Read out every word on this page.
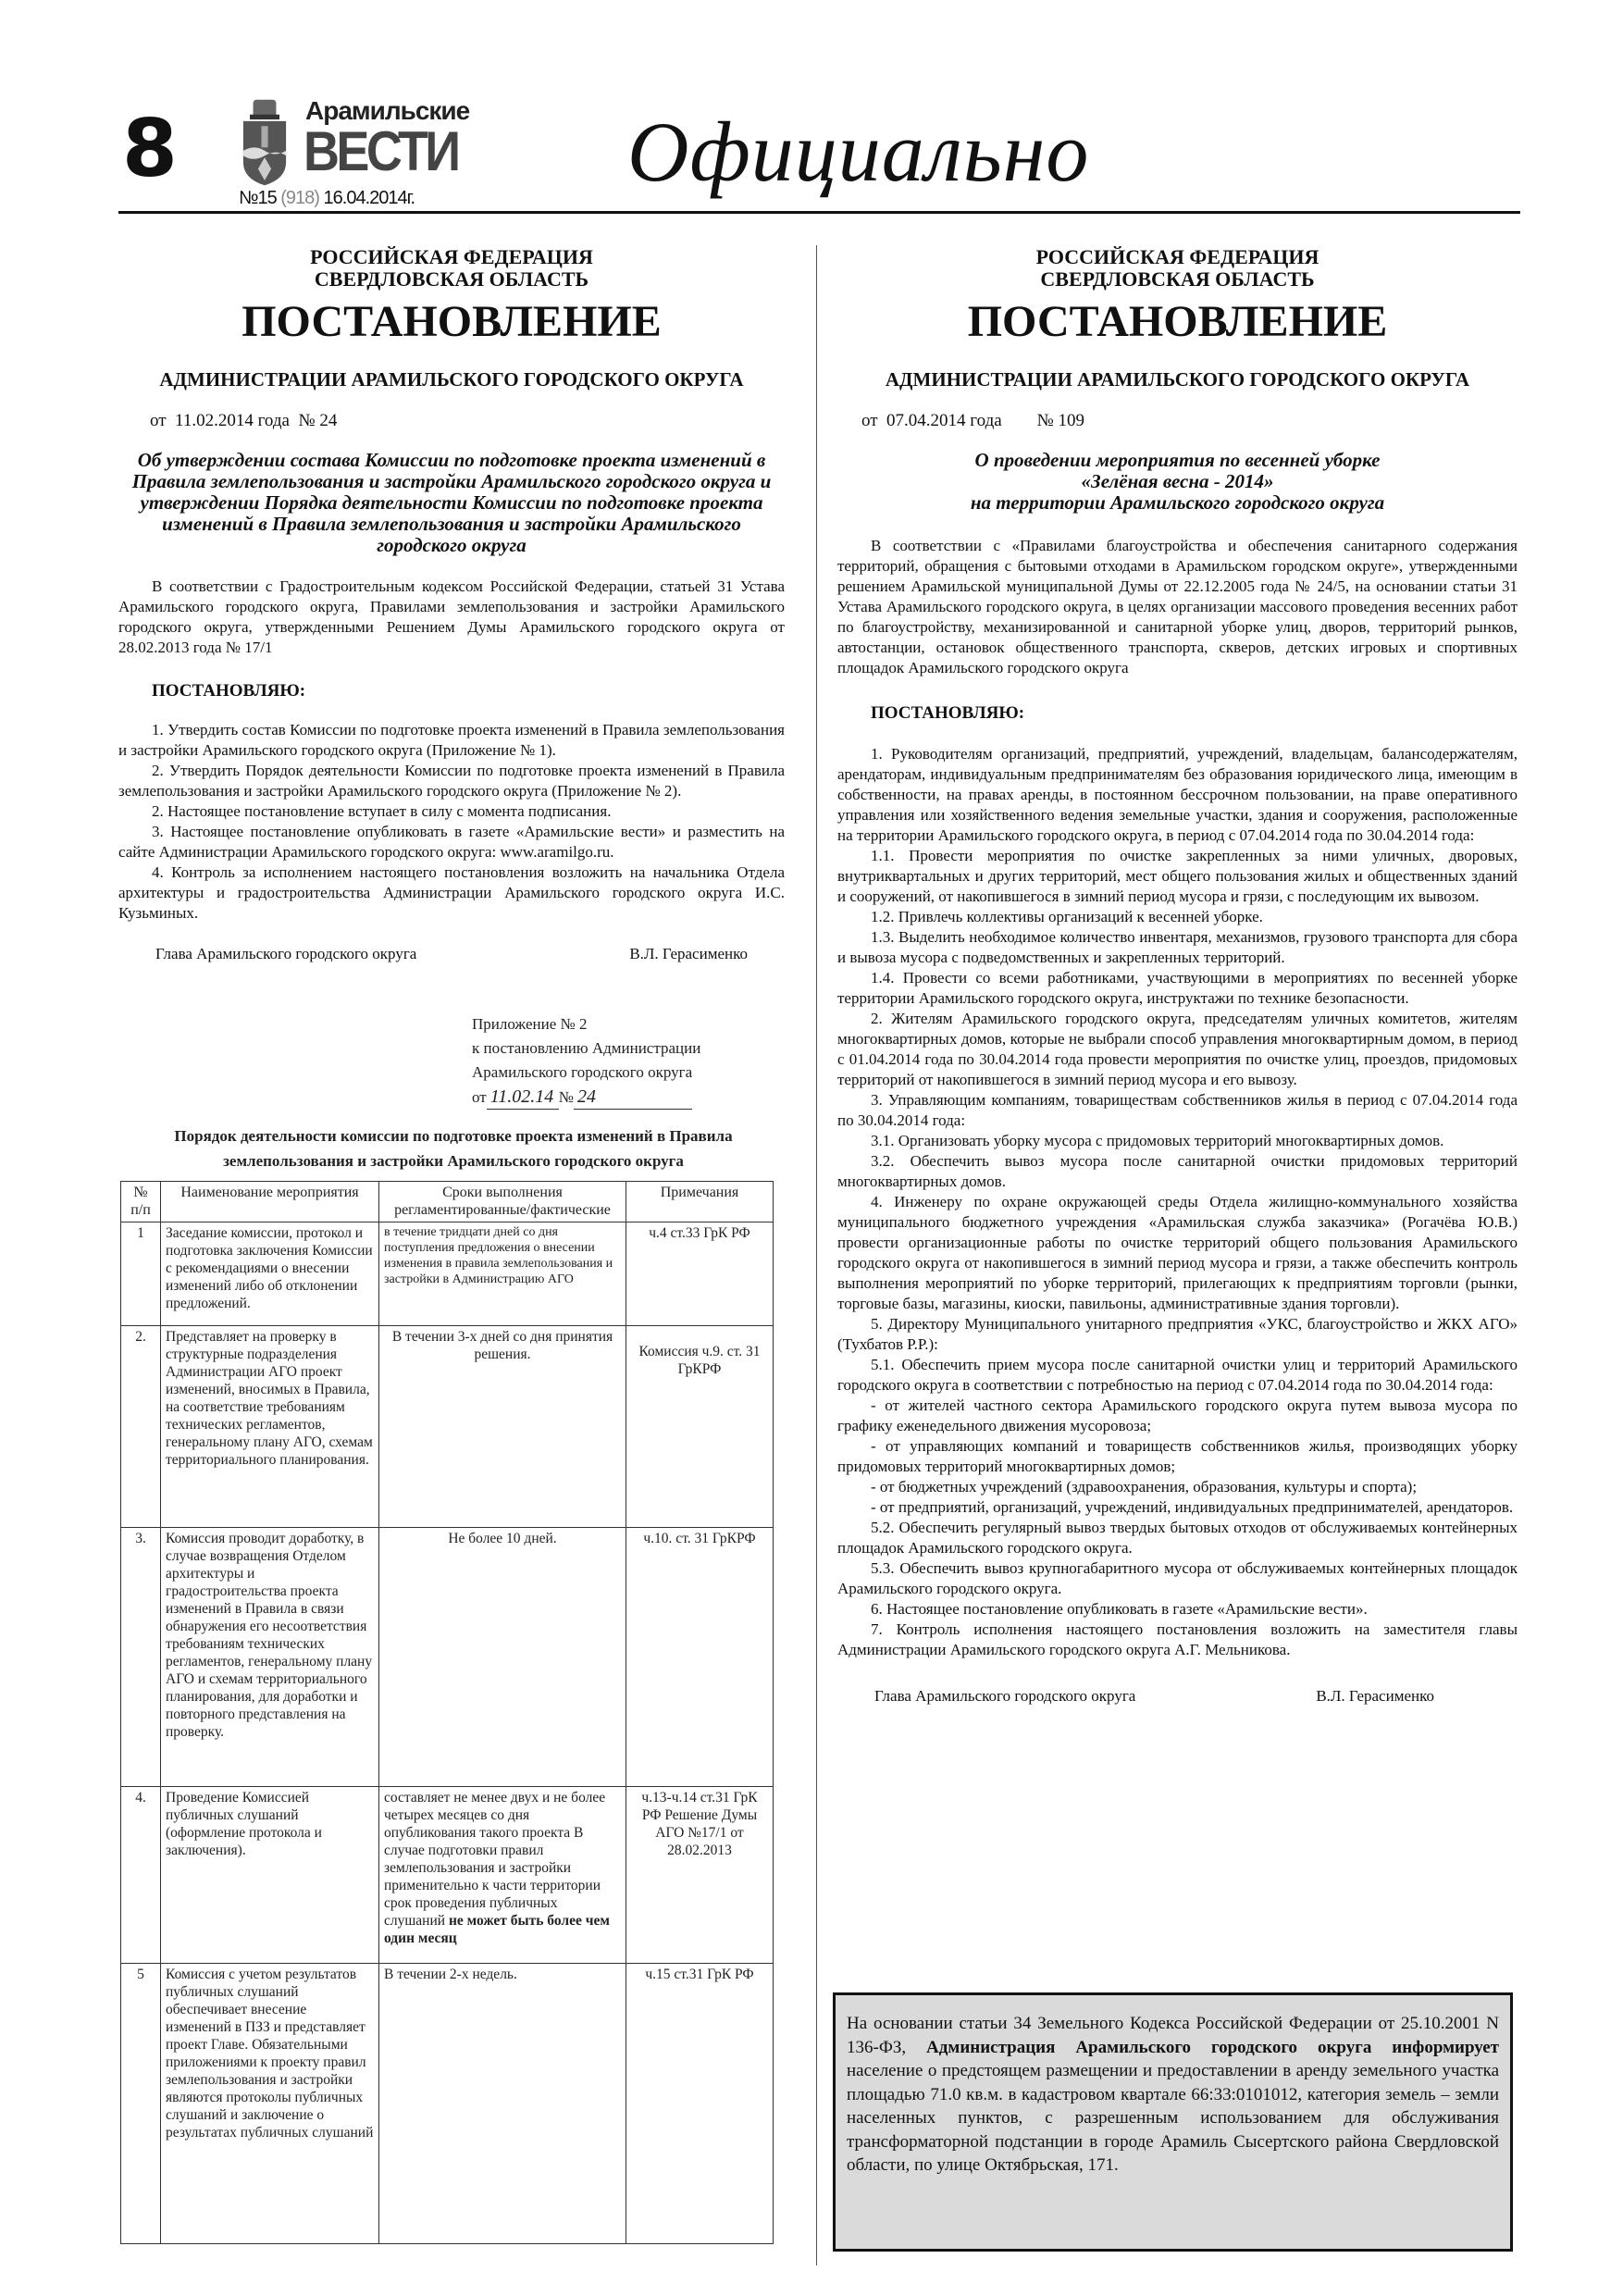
8	Арамильские
ВЕСТИ
№15 (918) 16.04.2014г. Официально
РОССИЙСКАЯ ФЕДЕРАЦИЯ
СВЕРДЛОВСКАЯ ОБЛАСТЬ
ПОСТАНОВЛЕНИЕ
АДМИНИСТРАЦИИ АРАМИЛЬСКОГО ГОРОДСКОГО ОКРУГА
от  11.02.2014 года  № 24
Об утверждении состава Комиссии по подготовке проекта изменений в Правила землепользования и застройки Арамильского городского округа и утверждении Порядка деятельности Комиссии по подготовке проекта изменений в Правила землепользования и застройки Арамильского городского округа

В соответствии с Градостроительным кодексом Российской Федерации, статьей 31 Устава Арамильского городского округа, Правилами землепользования и застройки Арамильского городского округа, утвержденными Решением Думы Арамильского городского округа от 28.02.2013 года № 17/1

ПОСТАНОВЛЯЮ:

1. Утвердить состав Комиссии по подготовке проекта изменений в Правила землепользования и застройки Арамильского городского округа (Приложение № 1).

2. Утвердить Порядок деятельности Комиссии по подготовке проекта изменений в Правила землепользования и застройки Арамильского городского округа (Приложение № 2).

2. Настоящее постановление вступает в силу с момента подписания.

3. Настоящее постановление опубликовать в газете «Арамильские вести» и разместить на сайте Администрации Арамильского городского округа: www.aramilgo.ru.

4. Контроль за исполнением настоящего постановления возложить на начальника Отдела архитектуры и градостроительства Администрации Арамильского городского округа И.С. Кузьминых.

Глава Арамильского городского округа	В.Л. Герасименко
Приложение № 2
к постановлению Администрации
Арамильского городского округа
от 11.02.14 № 24
Порядок деятельности комиссии по подготовке проекта изменений в Правила землепользования и застройки Арамильского городского округа
№ п/п	Наименование мероприятия	Сроки выполнения регламентированные/фактические	Примечания
1	Заседание комиссии, протокол и подготовка заключения Комиссии с рекомендациями о внесении изменений либо об отклонении предложений.	в течение тридцати дней со дня поступления предложения о внесении изменения в правила землепользования и застройки в Администрацию АГО	ч.4 ст.33 ГрК РФ
2.	Представляет на проверку в структурные подразделения Администрации АГО проект изменений, вносимых в Правила, на соответствие требованиям технических регламентов, генеральному плану АГО, схемам территориального планирования.	В течении 3-х дней со дня принятия решения.	Комиссия ч.9. ст. 31 ГрКРФ
3.	Комиссия проводит доработку, в случае возвращения Отделом архитектуры и градостроительства проекта изменений в Правила в связи обнаружения его несоответствия требованиям технических регламентов, генеральному плану АГО и схемам территориального планирования, для доработки и повторного представления на проверку.	Не более 10 дней.	ч.10. ст. 31 ГрКРФ
4.	Проведение Комиссией публичных слушаний (оформление протокола и заключения).	составляет не менее двух и не более четырех месяцев со дня опубликования такого проекта В случае подготовки правил землепользования и застройки применительно к части территории срок проведения публичных слушаний не может быть более чем один месяц	ч.13-ч.14 ст.31 ГрК РФ Решение Думы АГО №17/1 от 28.02.2013
5	Комиссия с учетом результатов публичных слушаний обеспечивает внесение изменений в ПЗЗ и представляет проект Главе. Обязательными приложениями к проекту правил землепользования и застройки являются протоколы публичных слушаний и заключение о результатах публичных слушаний	В течении 2-х недель.	ч.15 ст.31 ГрК РФ
РОССИЙСКАЯ ФЕДЕРАЦИЯ
СВЕРДЛОВСКАЯ ОБЛАСТЬ
ПОСТАНОВЛЕНИЕ
АДМИНИСТРАЦИИ АРАМИЛЬСКОГО ГОРОДСКОГО ОКРУГА
от  07.04.2014 года        № 109
О проведении мероприятия по весенней уборке
«Зелёная весна - 2014»
на территории Арамильского городского округа

В соответствии с «Правилами благоустройства и обеспечения санитарного содержания территорий, обращения с бытовыми отходами в Арамильском городском округе», утвержденными решением Арамильской муниципальной Думы от 22.12.2005 года № 24/5, на основании статьи 31 Устава Арамильского городского округа, в целях организации массового проведения весенних работ по благоустройству, механизированной и санитарной уборке улиц, дворов, территорий рынков, автостанции, остановок общественного транспорта, скверов, детских игровых и спортивных площадок Арамильского городского округа

ПОСТАНОВЛЯЮ:

1. Руководителям организаций, предприятий, учреждений, владельцам, балансодержателям, арендаторам, индивидуальным предпринимателям без образования юридического лица, имеющим в собственности, на правах аренды, в постоянном бессрочном пользовании, на праве оперативного управления или хозяйственного ведения земельные участки, здания и сооружения, расположенные на территории Арамильского городского округа, в период с 07.04.2014 года по 30.04.2014 года:

1.1. Провести мероприятия по очистке закрепленных за ними уличных, дворовых, внутриквартальных и других территорий, мест общего пользования жилых и общественных зданий и сооружений, от накопившегося в зимний период мусора и грязи, с последующим их вывозом.

1.2. Привлечь коллективы организаций к весенней уборке.

1.3. Выделить необходимое количество инвентаря, механизмов, грузового транспорта для сбора и вывоза мусора с подведомственных и закрепленных территорий.

1.4. Провести со всеми работниками, участвующими в мероприятиях по весенней уборке территории Арамильского городского округа, инструктажи по технике безопасности.

2. Жителям Арамильского городского округа, председателям уличных комитетов, жителям многоквартирных домов, которые не выбрали способ управления многоквартирным домом, в период с 01.04.2014 года по 30.04.2014 года провести мероприятия по очистке улиц, проездов, придомовых территорий от накопившегося в зимний период мусора и его вывозу.

3. Управляющим компаниям, товариществам собственников жилья в период с 07.04.2014 года по 30.04.2014 года:

3.1. Организовать уборку мусора с придомовых территорий многоквартирных домов.

3.2. Обеспечить вывоз мусора после санитарной очистки придомовых территорий многоквартирных домов.

4. Инженеру по охране окружающей среды Отдела жилищно-коммунального хозяйства муниципального бюджетного учреждения «Арамильская служба заказчика» (Рогачёва Ю.В.) провести организационные работы по очистке территорий общего пользования Арамильского городского округа от накопившегося в зимний период мусора и грязи, а также обеспечить контроль выполнения мероприятий по уборке территорий, прилегающих к предприятиям торговли (рынки, торговые базы, магазины, киоски, павильоны, административные здания торговли).

5. Директору Муниципального унитарного предприятия «УКС, благоустройство и ЖКХ АГО» (Тухбатов Р.Р.):

5.1. Обеспечить прием мусора после санитарной очистки улиц и территорий Арамильского городского округа в соответствии с потребностью на период с 07.04.2014 года по 30.04.2014 года:

- от жителей частного сектора Арамильского городского округа путем вывоза мусора по графику еженедельного движения мусоровоза;

- от управляющих компаний и товариществ собственников жилья, производящих уборку придомовых территорий многоквартирных домов;

- от бюджетных учреждений (здравоохранения, образования, культуры и спорта);

- от предприятий, организаций, учреждений, индивидуальных предпринимателей, арендаторов.

5.2. Обеспечить регулярный вывоз твердых бытовых отходов от обслуживаемых контейнерных площадок Арамильского городского округа.

5.3. Обеспечить вывоз крупногабаритного мусора от обслуживаемых контейнерных площадок Арамильского городского округа.

6. Настоящее постановление опубликовать в газете «Арамильские вести».

7. Контроль исполнения настоящего постановления возложить на заместителя главы Администрации Арамильского городского округа А.Г. Мельникова.

Глава Арамильского городского округа	В.Л. Герасименко
На основании статьи 34 Земельного Кодекса Российской Федерации от 25.10.2001 N 136-ФЗ, Администрация Арамильского городского округа информирует население о предстоящем размещении и предоставлении в аренду земельного участка площадью 71.0 кв.м. в кадастровом квартале 66:33:0101012, категория земель – земли населенных пунктов, с разрешенным использованием для обслуживания трансформаторной подстанции в городе Арамиль Сысертского района Свердловской области, по улице Октябрьская, 171.
